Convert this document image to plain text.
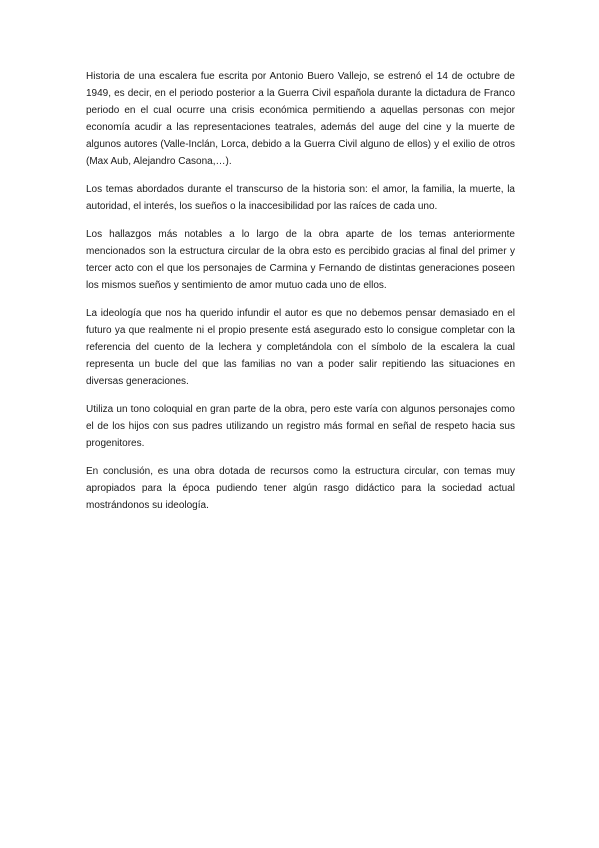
Historia de una escalera fue escrita por Antonio Buero Vallejo, se estrenó el 14 de octubre de 1949, es decir, en el periodo posterior a la Guerra Civil española durante la dictadura de Franco periodo en el cual ocurre una crisis económica permitiendo a aquellas personas con mejor economía acudir a las representaciones teatrales, además del auge del cine y la muerte de algunos autores (Valle-Inclán, Lorca, debido a la Guerra Civil alguno de ellos) y el exilio de otros (Max Aub, Alejandro Casona,…).

Los temas abordados durante el transcurso de la historia son: el amor, la familia, la muerte, la autoridad, el interés, los sueños o la inaccesibilidad por las raíces de cada uno.

Los hallazgos más notables a lo largo de la obra aparte de los temas anteriormente mencionados son la estructura circular de la obra esto es percibido gracias al final del primer y tercer acto con el que los personajes de Carmina y Fernando de distintas generaciones poseen los mismos sueños y sentimiento de amor mutuo cada uno de ellos.

La ideología que nos ha querido infundir el autor es que no debemos pensar demasiado en el futuro ya que realmente ni el propio presente está asegurado esto lo consigue completar con la referencia del cuento de la lechera y completándola con el símbolo de la escalera la cual representa un bucle del que las familias no van a poder salir repitiendo las situaciones en diversas generaciones.

Utiliza un tono coloquial en gran parte de la obra, pero este varía con algunos personajes como el de los hijos con sus padres utilizando un registro más formal en señal de respeto hacia sus progenitores.

En conclusión, es una obra dotada de recursos como la estructura circular, con temas muy apropiados para la época pudiendo tener algún rasgo didáctico para la sociedad actual mostrándonos su ideología.
